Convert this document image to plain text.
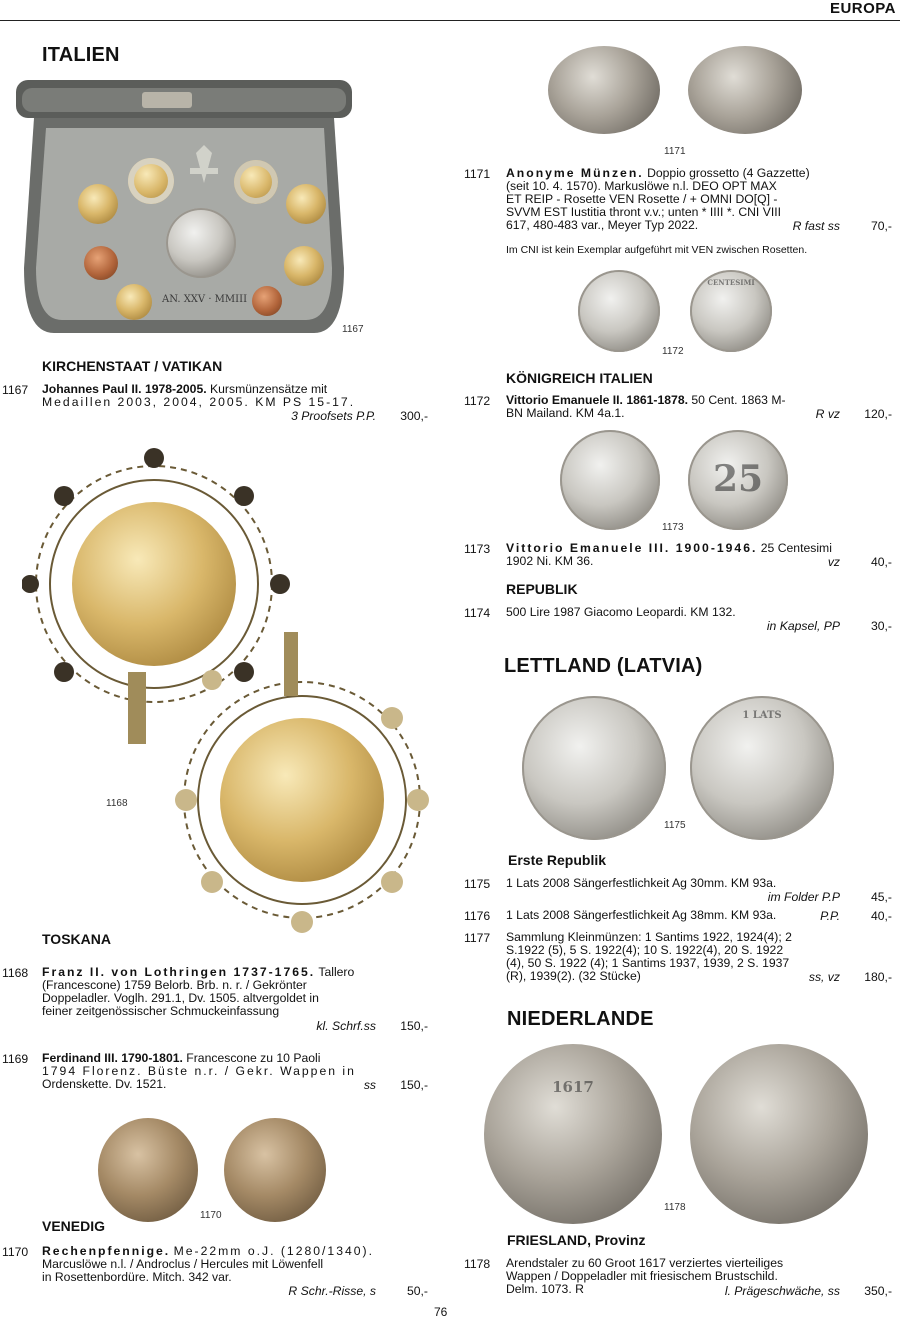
EUROPA
ITALIEN
AN. XXV · MMIII
1167
KIRCHENSTAAT / VATIKAN
1167 Johannes Paul II. 1978-2005. Kursmünzensätze mit
Medaillen 2003, 2004, 2005. KM PS 15-17.
3 Proofsets P.P.	300,-
1168
TOSKANA
1168 Franz II. von Lothringen 1737-1765. Tallero
(Francescone) 1759 Belorb. Brb. n. r. / Gekrönter
Doppeladler. Voglh. 291.1, Dv. 1505. altvergoldet in
feiner zeitgenössischer Schmuckeinfassung
kl. Schrf.ss	150,-
1169 Ferdinand III. 1790-1801. Francescone zu 10 Paoli
1794 Florenz. Büste n.r. / Gekr. Wappen in
Ordenskette. Dv. 1521.	ss	150,-
1170
VENEDIG
1170 Rechenpfennige. Me-22mm o.J. (1280/1340).
Marcuslöwe n.l. / Androclus / Hercules mit Löwenfell
in Rosettenbordüre. Mitch. 342 var.
R Schr.-Risse, s	50,-
76
1171
1171 Anonyme Münzen. Doppio grossetto (4 Gazzette)
(seit 10. 4. 1570). Markuslöwe n.l. DEO OPT MAX
ET REIP - Rosette VEN Rosette / + OMNI DO[Q] -
SVVM EST Iustitia thront v.v.; unten * IIII *. CNI VIII
617, 480-483 var., Meyer Typ 2022.	R fast ss	70,-
Im CNI ist kein Exemplar aufgeführt mit VEN zwischen Rosetten.
CENTESIMI
1172
KÖNIGREICH ITALIEN
1172 Vittorio Emanuele II. 1861-1878. 50 Cent. 1863 M-
BN Mailand. KM 4a.1.	R vz	120,-
25
1173
1173 Vittorio Emanuele III. 1900-1946. 25 Centesimi
1902 Ni. KM 36.	vz	40,-
REPUBLIK
1174 500 Lire 1987 Giacomo Leopardi. KM 132.
in Kapsel, PP	30,-
LETTLAND (LATVIA)
1 LATS
1175
Erste Republik
1175 1 Lats 2008 Sängerfestlichkeit Ag 30mm. KM 93a.
im Folder P.P	45,-
1176 1 Lats 2008 Sängerfestlichkeit Ag 38mm. KM 93a.	P.P.	40,-
1177 Sammlung Kleinmünzen: 1 Santims 1922, 1924(4); 2
S.1922 (5), 5 S. 1922(4); 10 S. 1922(4), 20 S. 1922
(4), 50 S. 1922 (4); 1 Santims 1937, 1939, 2 S. 1937
(R), 1939(2). (32 Stücke)	ss, vz	180,-
NIEDERLANDE
1617
1178
FRIESLAND, Provinz
1178 Arendstaler zu 60 Groot 1617 verziertes vierteiliges
Wappen / Doppeladler mit friesischem Brustschild.
Delm. 1073. R	l. Prägeschwäche, ss	350,-
